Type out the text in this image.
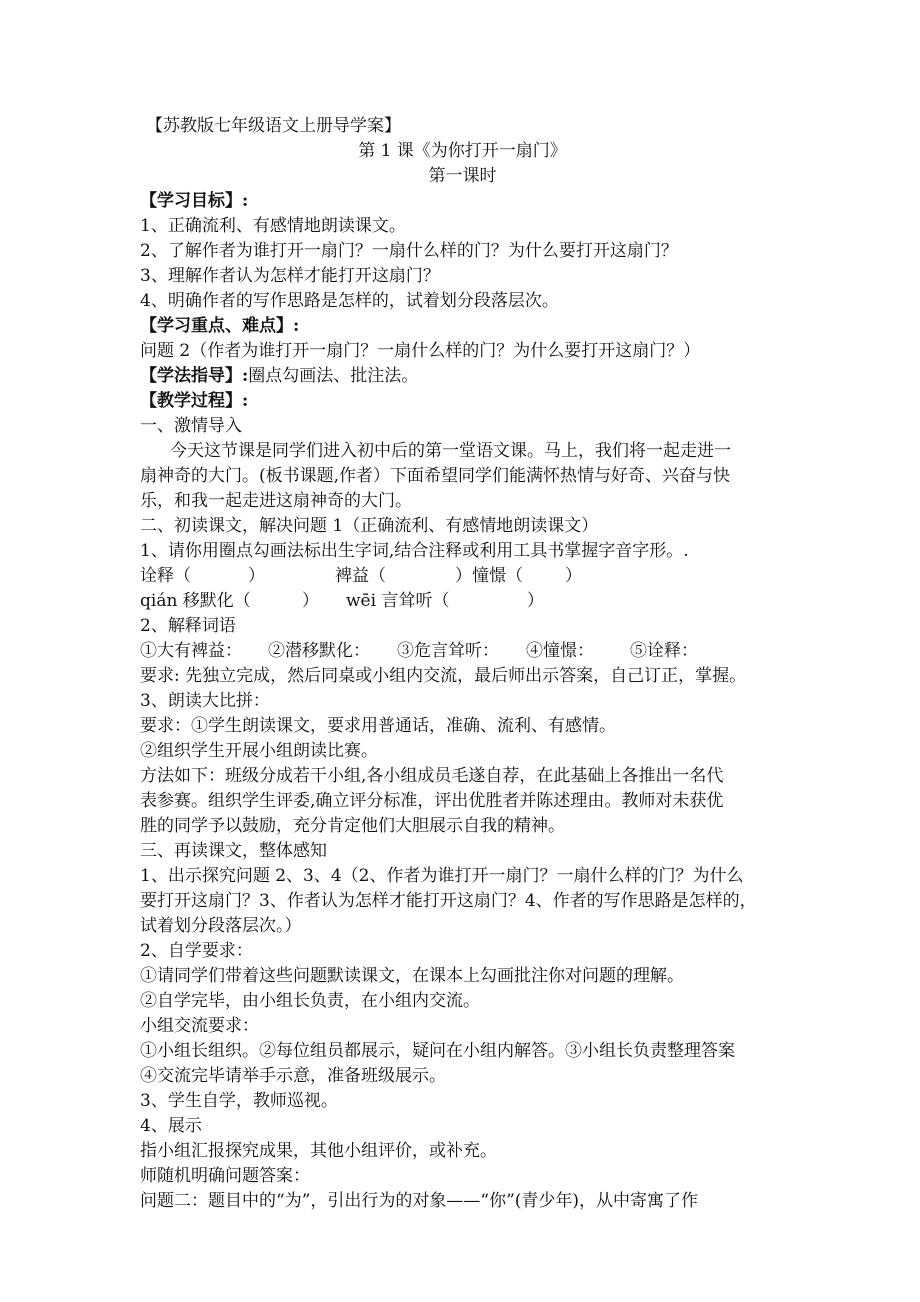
【苏教版七年级语文上册导学案】
第 1 课《为你打开一扇门》
第一课时
【学习目标】:
1、正确流利、有感情地朗读课文。
2、了解作者为谁打开一扇门？一扇什么样的门？为什么要打开这扇门？
3、理解作者认为怎样才能打开这扇门？
4、明确作者的写作思路是怎样的，试着划分段落层次。
【学习重点、难点】:
问题 2（作者为谁打开一扇门？一扇什么样的门？为什么要打开这扇门？）
【学法指导】:圈点勾画法、批注法。
【教学过程】:
一、激情导入
今天这节课是同学们进入初中后的第一堂语文课。马上，我们将一起走进一
扇神奇的大门。(板书课题,作者）下面希望同学们能满怀热情与好奇、兴奋与快
乐，和我一起走进这扇神奇的大门。
二、初读课文，解决问题 1（正确流利、有感情地朗读课文）
1、请你用圈点勾画法标出生字词,结合注释或利用工具书掌握字音字形。.
诠释（	）	裨益（	）憧憬（ ）
qián 移默化（	） wēi 言耸听（	）
2、解释词语
①大有裨益： ②潜移默化： ③危言耸听： ④憧憬： ⑤诠释：
要求: 先独立完成，然后同桌或小组内交流，最后师出示答案，自己订正，掌握。
3、朗读大比拼：
要求：①学生朗读课文，要求用普通话，准确、流利、有感情。
②组织学生开展小组朗读比赛。
方法如下：班级分成若干小组,各小组成员毛遂自荐，在此基础上各推出一名代
表参赛。组织学生评委,确立评分标准，评出优胜者并陈述理由。教师对未获优
胜的同学予以鼓励，充分肯定他们大胆展示自我的精神。
三、再读课文，整体感知
1、出示探究问题 2、3、4（2、作者为谁打开一扇门？一扇什么样的门？为什么
要打开这扇门？3、作者认为怎样才能打开这扇门？4、作者的写作思路是怎样的，
试着划分段落层次。）
2、自学要求：
①请同学们带着这些问题默读课文，在课本上勾画批注你对问题的理解。
②自学完毕，由小组长负责，在小组内交流。
小组交流要求：
①小组长组织。②每位组员都展示，疑问在小组内解答。③小组长负责整理答案
④交流完毕请举手示意，准备班级展示。
3、学生自学，教师巡视。
4、展示
指小组汇报探究成果，其他小组评价，或补充。
师随机明确问题答案：
问题二：题目中的“为”，引出行为的对象——“你”(青少年)，从中寄寓了作
